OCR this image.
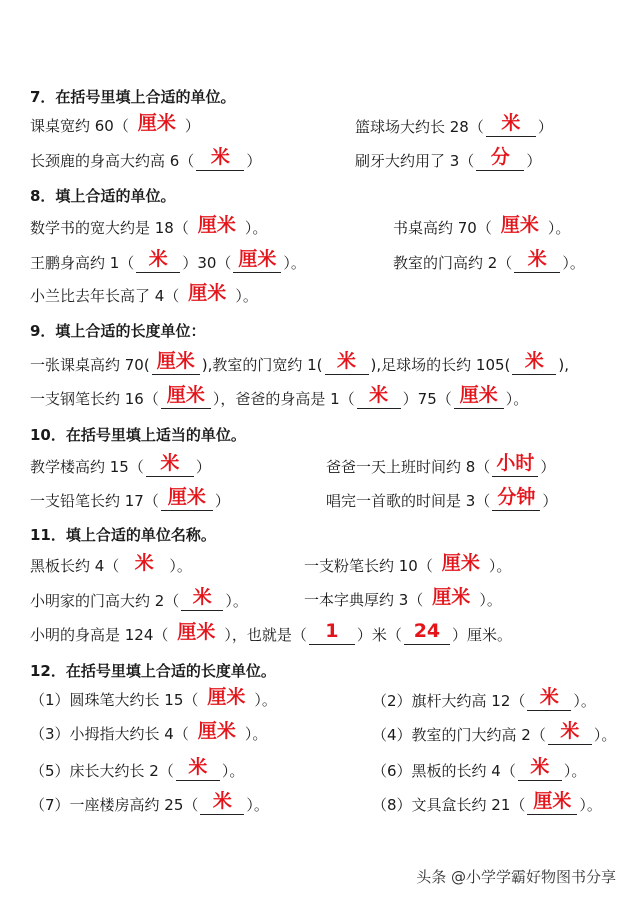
7．在括号里填上合适的单位。
课桌宽约 60（ 厘米 ）	篮球场大约长 28（ 米	）
长颈鹿的身高大约高 6（ 米	）	刷牙大约用了 3（ 分	）
8．填上合适的单位。
数学书的宽大约是 18（ 厘米 ）。	书桌高约 70（ 厘米 ）。
王鹏身高约 1（ 米 ）30（ 厘米 ）。	教室的门高约 2（ 米	）。
小兰比去年长高了 4（ 厘米 ）。
9．填上合适的长度单位：
一张课桌高约 70( 厘米 ),教室的门宽约 1( 米 ),足球场的长约 105( 米 ),
一支钢笔长约 16（ 厘米 ），爸爸的身高是 1（ 米 ）75（ 厘米 ）。
10．在括号里填上适当的单位。
教学楼高约 15（ 米	）	爸爸一天上班时间约 8（ 小时 ）
一支铅笔长约 17（ 厘米 ）	唱完一首歌的时间是 3（ 分钟 ）
11．填上合适的单位名称。
黑板长约 4（ 米	）。	一支粉笔长约 10（ 厘米 ）。
小明家的门高大约 2（ 米 ）。	一本字典厚约 3（ 厘米 ）。
小明的身高是 124（ 厘米 ），也就是（ 1	）米（ 24 ）厘米。
12．在括号里填上合适的长度单位。
（1）圆珠笔大约长 15（ 厘米 ）。	（2）旗杆大约高 12（ 米 ）。
（3）小拇指大约长 4（ 厘米 ）。	（4）教室的门大约高 2（ 米 ）。
（5）床长大约长 2（ 米 ）。	（6）黑板的长约 4（ 米 ）。
（7）一座楼房高约 25（ 米 ）。	（8）文具盒长约 21（ 厘米 ）。
头条 @小学学霸好物图书分享
